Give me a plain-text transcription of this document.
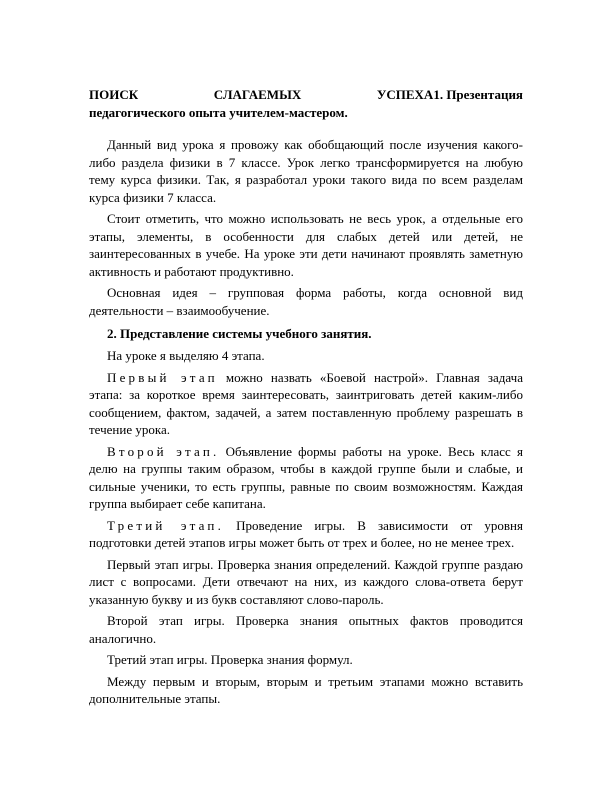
ПОИСК	СЛАГАЕМЫХ	УСПЕХА1. Презентация
педагогического опыта учителем-мастером.

Данный вид урока я провожу как обобщающий после изучения какого-либо раздела физики в 7 классе. Урок легко трансформируется на любую тему курса физики. Так, я разработал уроки такого вида по всем разделам курса физики 7 класса.

Стоит отметить, что можно использовать не весь урок, а отдельные его этапы, элементы, в особенности для слабых детей или детей, не заинтересованных в учебе. На уроке эти дети начинают проявлять заметную активность и работают продуктивно.

Основная идея – групповая форма работы, когда основной вид деятельности – взаимообучение.

2. Представление системы учебного занятия.

На уроке я выделяю 4 этапа.

Первый этап можно назвать «Боевой настрой». Главная задача этапа: за короткое время заинтересовать, заинтриговать детей каким-либо сообщением, фактом, задачей, а затем поставленную проблему разрешать в течение урока.

Второй этап. Объявление формы работы на уроке. Весь класс я делю на группы таким образом, чтобы в каждой группе были и слабые, и сильные ученики, то есть группы, равные по своим возможностям. Каждая группа выбирает себе капитана.

Третий этап. Проведение игры. В зависимости от уровня подготовки детей этапов игры может быть от трех и более, но не менее трех.

Первый этап игры. Проверка знания определений. Каждой группе раздаю лист с вопросами. Дети отвечают на них, из каждого слова-ответа берут указанную букву и из букв составляют слово-пароль.

Второй этап игры. Проверка знания опытных фактов проводится аналогично.

Третий этап игры. Проверка знания формул.

Между первым и вторым, вторым и третьим этапами можно вставить дополнительные этапы.
